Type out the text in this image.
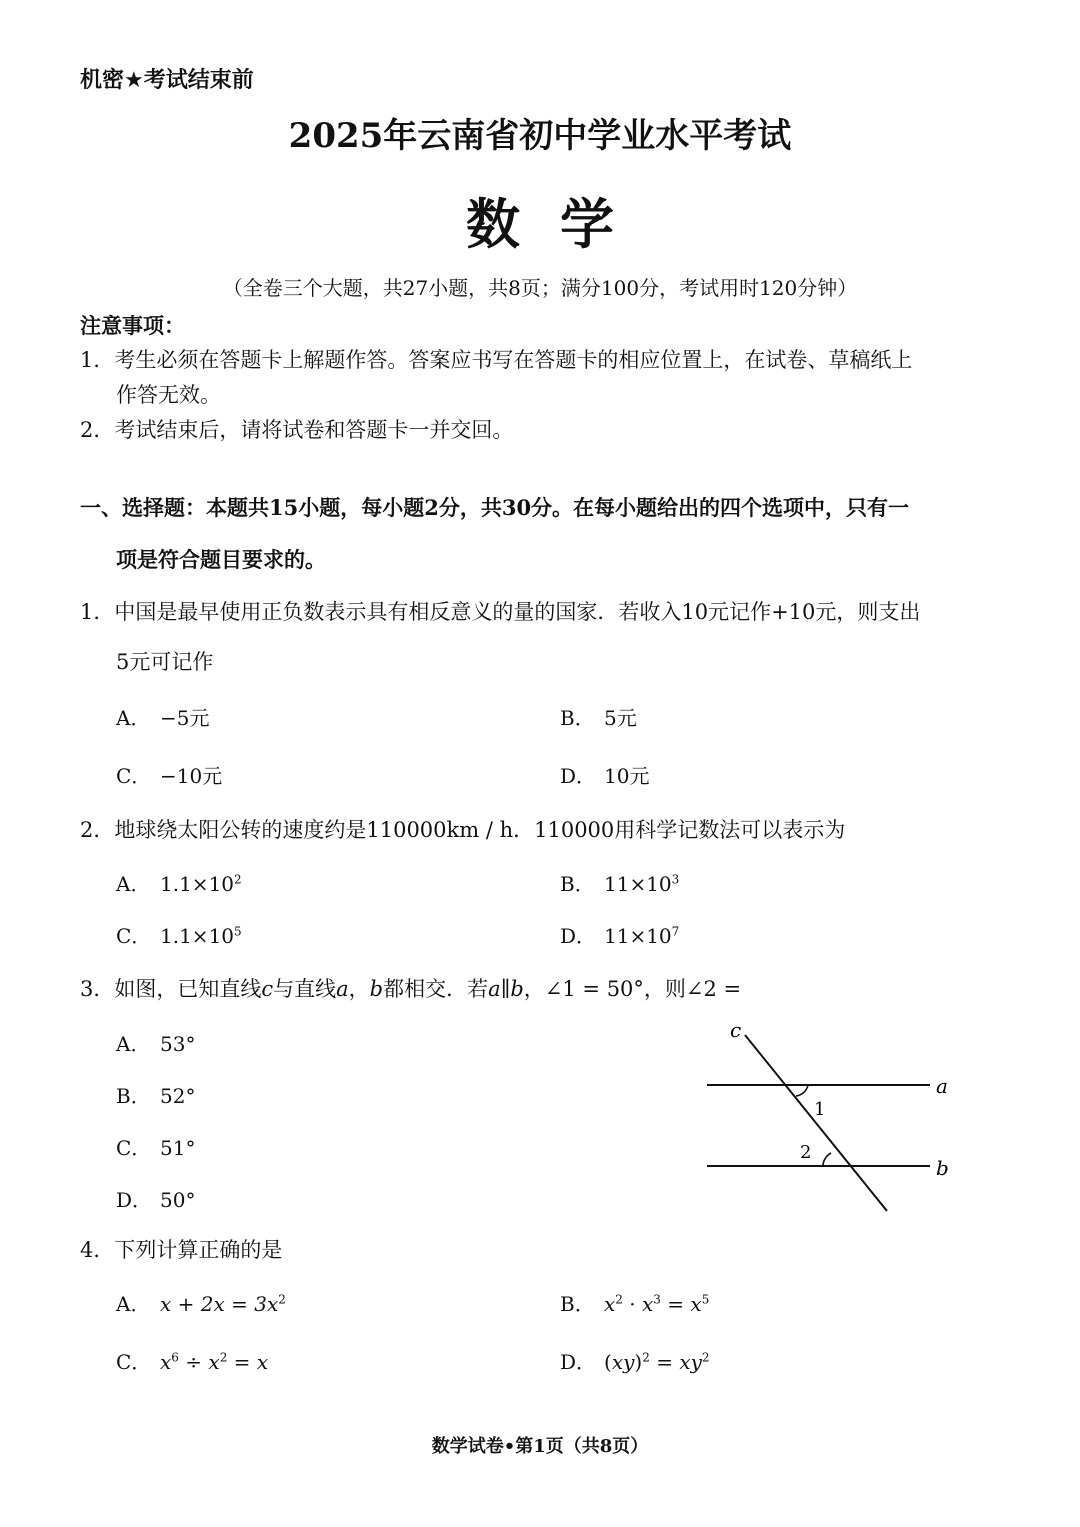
机密★考试结束前
2025年云南省初中学业水平考试
数学
（全卷三个大题，共27小题，共8页；满分100分，考试用时120分钟）
注意事项：
1．考生必须在答题卡上解题作答。答案应书写在答题卡的相应位置上，在试卷、草稿纸上
作答无效。
2．考试结束后，请将试卷和答题卡一并交回。
一、选择题：本题共15小题，每小题2分，共30分。在每小题给出的四个选项中，只有一
项是符合题目要求的。
1．中国是最早使用正负数表示具有相反意义的量的国家．若收入10元记作+10元，则支出
5元可记作
A． −5元	B． 5元
C． −10元	D． 10元
2．地球绕太阳公转的速度约是110000km / h．110000用科学记数法可以表示为
A． $1.1\times 10^2$	B． $11\times 10^3$
C． $1.1\times 10^5$	D． $11\times 10^7$
3．如图，已知直线c与直线a，b都相交．若a∥b，∠1 = 50°，则∠2 =
A． 53°
B． 52°
C． 51°
D． 50°
c
a
b
1
2
4．下列计算正确的是
A． $x + 2x = 3x^2$	B． $x^2 \cdot x^3 = x^5$
C． $x^6 \div x^2 = x$	D． $(xy)^2 = xy^2$
数学试卷•第1页（共8页）
